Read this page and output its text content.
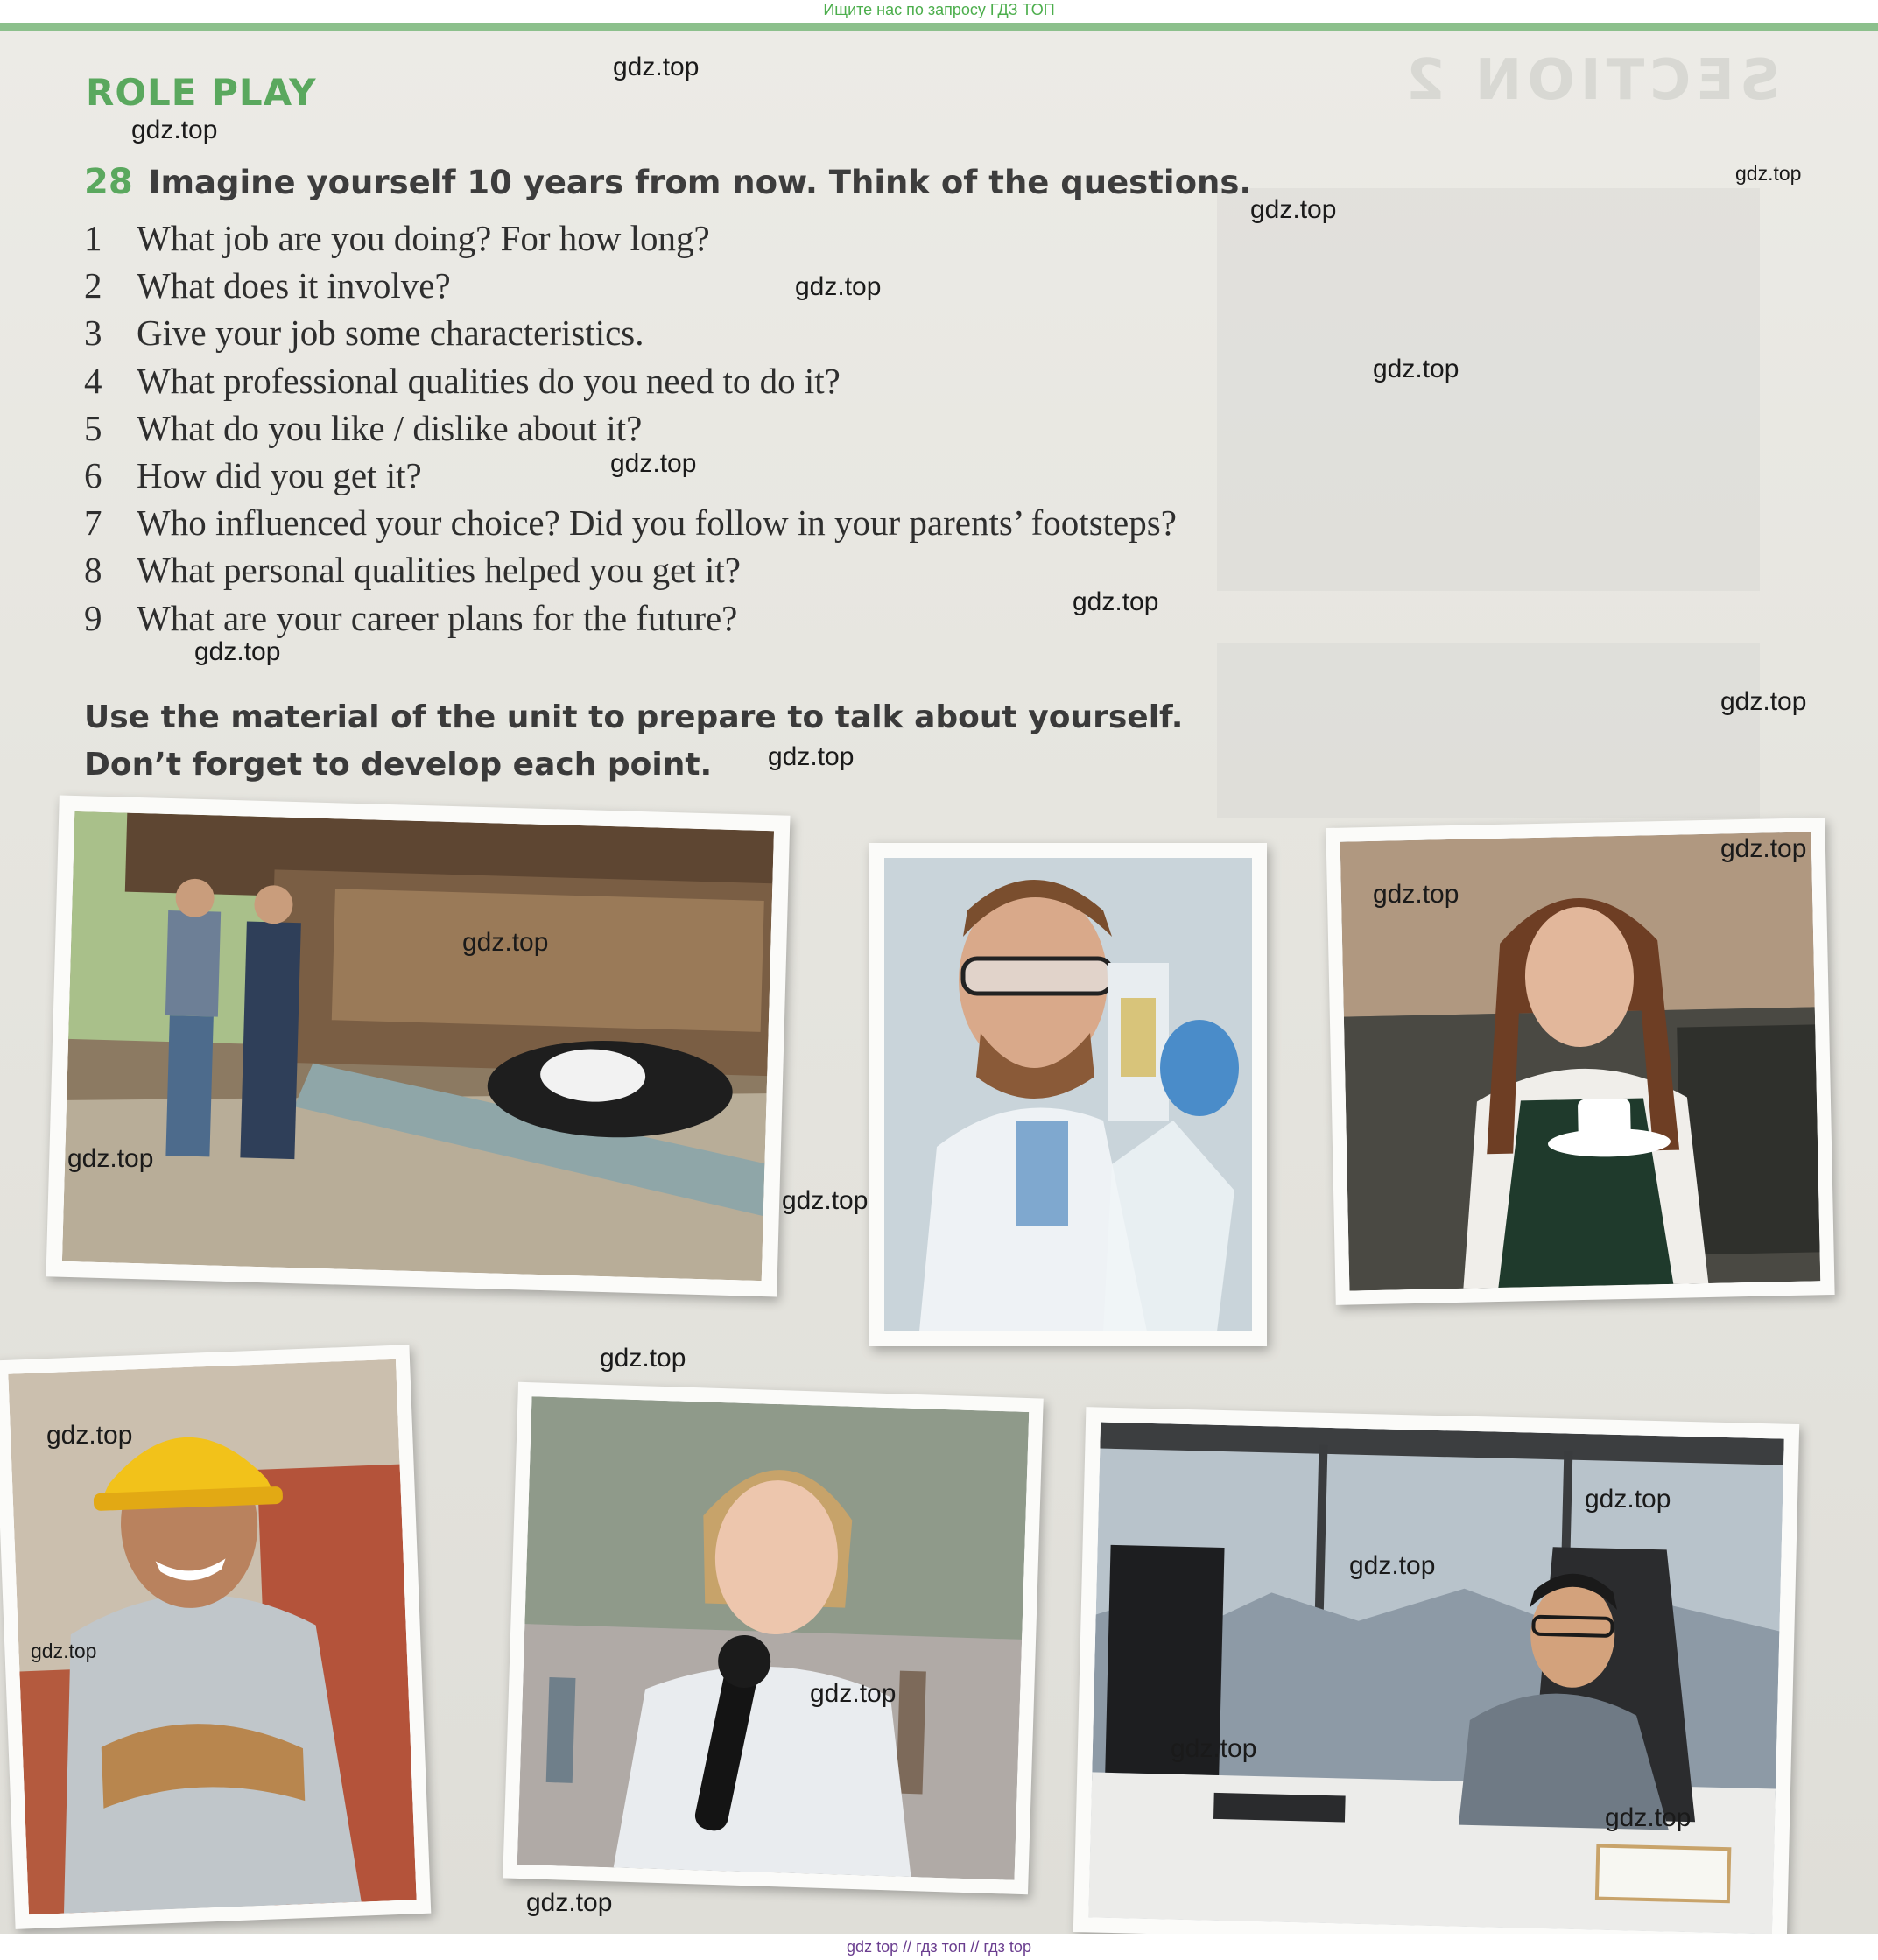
Ищите нас по запросу ГДЗ ТОП
SECTION 2
ROLE PLAY
28 Imagine yourself 10 years from now. Think of the questions.
1 What job are you doing? For how long?
2 What does it involve?
3 Give your job some characteristics.
4 What professional qualities do you need to do it?
5 What do you like / dislike about it?
6 How did you get it?
7 Who influenced your choice? Did you follow in your parents’ footsteps?
8 What personal qualities helped you get it?
9 What are your career plans for the future?
Use the material of the unit to prepare to talk about yourself.
Don’t forget to develop each point.
gdz.top
gdz.top
gdz.top
gdz.top
gdz.top
gdz.top
gdz.top
gdz.top
gdz.top
gdz.top
gdz.top
gdz.top
gdz.top
gdz.top
gdz.top
gdz.top
gdz.top
gdz.top
gdz.top
gdz.top
gdz.top
gdz.top
gdz.top
gdz.top
gdz.top
gdz top // гдз топ // гдз top
